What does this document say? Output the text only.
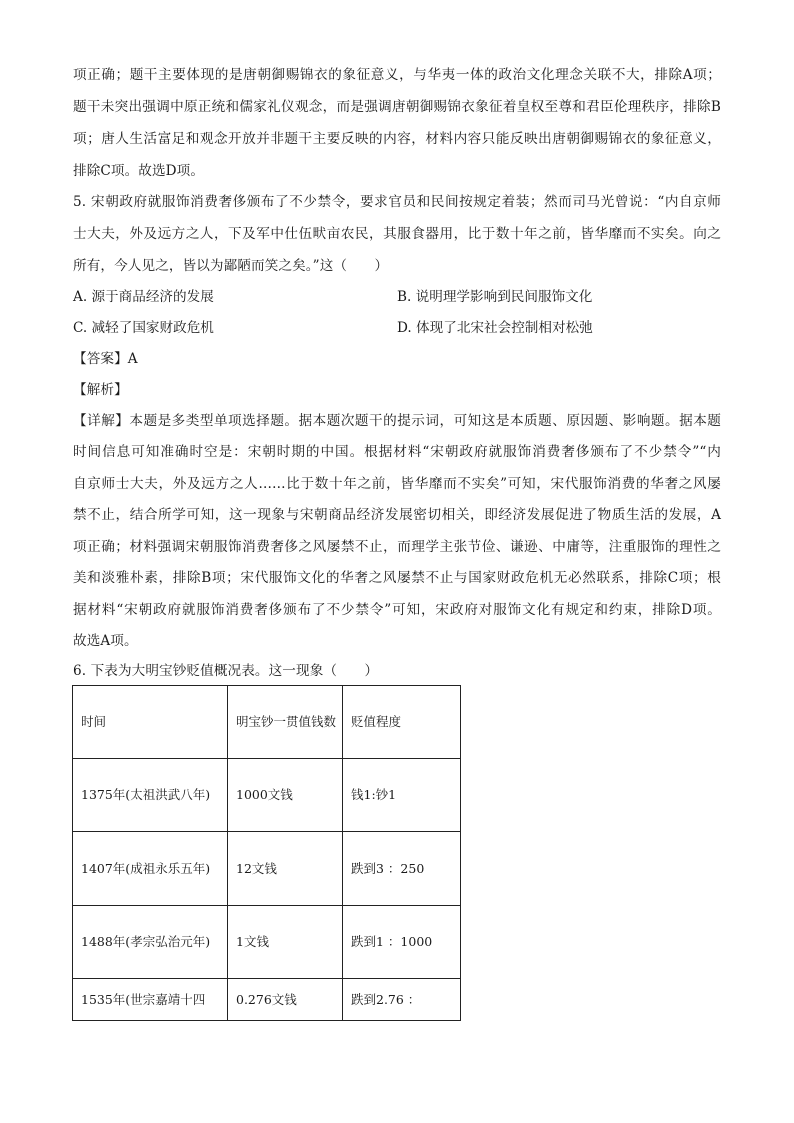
项正确；题干主要体现的是唐朝御赐锦衣的象征意义，与华夷一体的政治文化理念关联不大，排除A项；
题干未突出强调中原正统和儒家礼仪观念，而是强调唐朝御赐锦衣象征着皇权至尊和君臣伦理秩序，排除B
项；唐人生活富足和观念开放并非题干主要反映的内容，材料内容只能反映出唐朝御赐锦衣的象征意义，
排除C项。故选D项。
5. 宋朝政府就服饰消费奢侈颁布了不少禁令，要求官员和民间按规定着装；然而司马光曾说：“内自京师
士大夫，外及远方之人，下及军中仕伍畎亩农民，其服食器用，比于数十年之前，皆华靡而不实矣。向之
所有，今人见之，皆以为鄙陋而笑之矣。”这（　　）
A. 源于商品经济的发展	B. 说明理学影响到民间服饰文化
C. 减轻了国家财政危机	D. 体现了北宋社会控制相对松弛
【答案】A
【解析】
【详解】本题是多类型单项选择题。据本题次题干的提示词，可知这是本质题、原因题、影响题。据本题
时间信息可知准确时空是：宋朝时期的中国。根据材料“宋朝政府就服饰消费奢侈颁布了不少禁令”“内
自京师士大夫，外及远方之人……比于数十年之前，皆华靡而不实矣”可知，宋代服饰消费的华奢之风屡
禁不止，结合所学可知，这一现象与宋朝商品经济发展密切相关，即经济发展促进了物质生活的发展，A
项正确；材料强调宋朝服饰消费奢侈之风屡禁不止，而理学主张节俭、谦逊、中庸等，注重服饰的理性之
美和淡雅朴素，排除B项；宋代服饰文化的华奢之风屡禁不止与国家财政危机无必然联系，排除C项；根
据材料“宋朝政府就服饰消费奢侈颁布了不少禁令”可知，宋政府对服饰文化有规定和约束，排除D项。
故选A项。
6. 下表为大明宝钞贬值概况表。这一现象（　　）
时间	明宝钞一贯值钱数	贬值程度
1375年(太祖洪武八年)	1000文钱	钱1:钞1
1407年(成祖永乐五年)	12文钱	跌到3 ：250
1488年(孝宗弘治元年)	1文钱	跌到1 ：1000
1535年(世宗嘉靖十四	0.276文钱	跌到2.76 ：
